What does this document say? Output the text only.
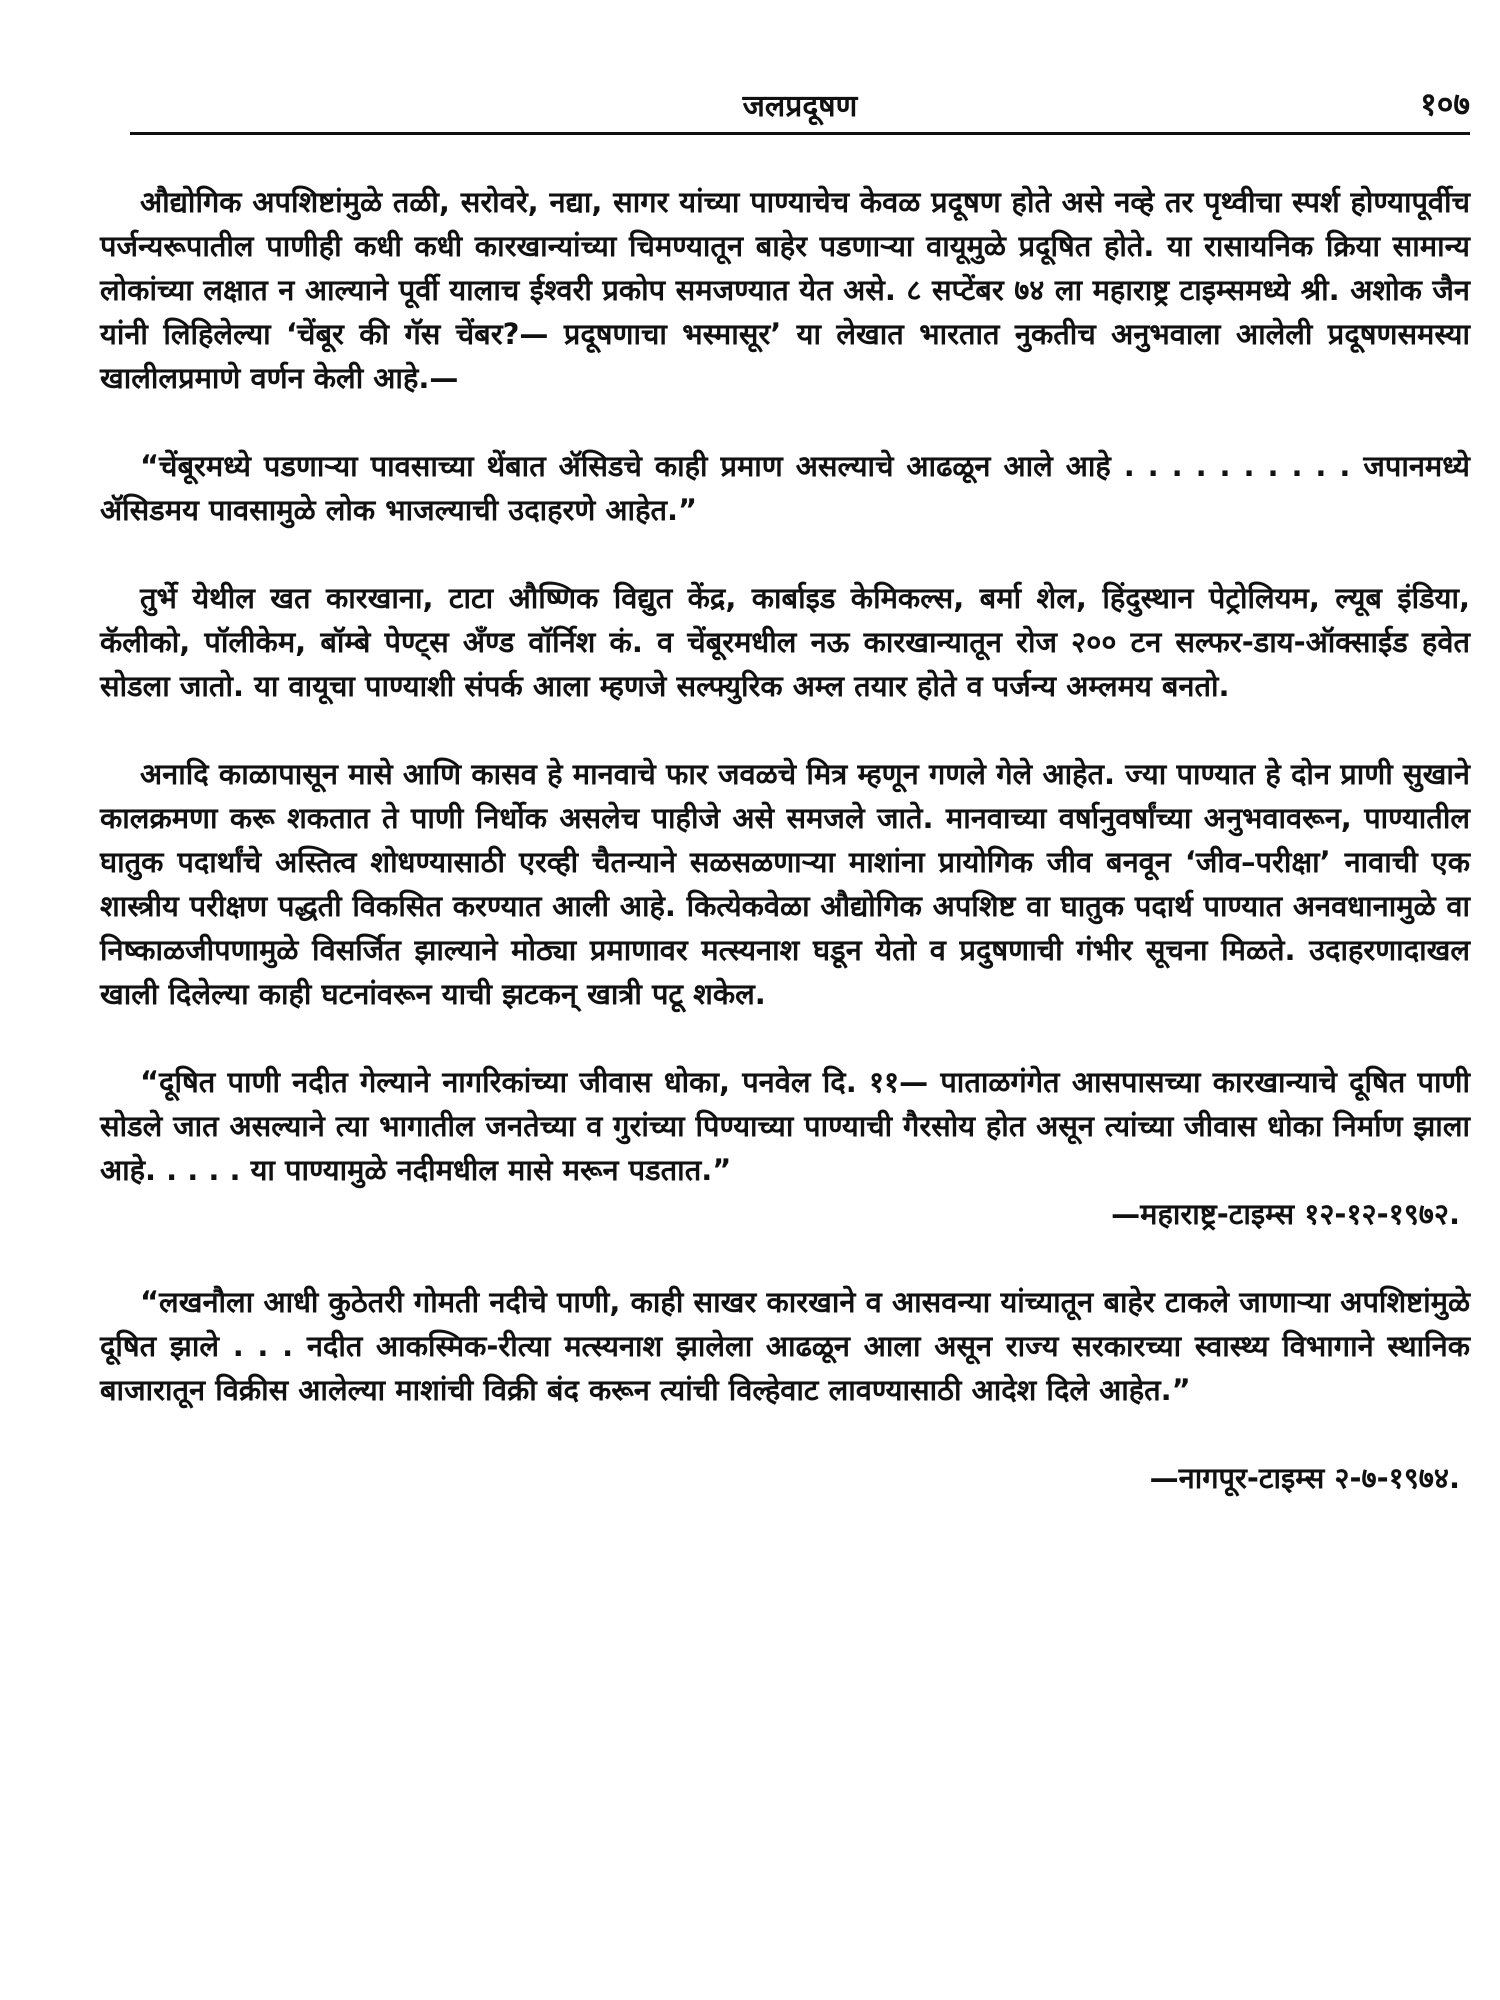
जलप्रदूषण	१०७

औद्योगिक अपशिष्टांमुळे तळी, सरोवरे, नद्या, सागर यांच्या पाण्याचेच केवळ प्रदूषण होते असे नव्हे तर पृथ्वीचा स्पर्श होण्यापूर्वीच पर्जन्यरूपातील पाणीही कधी कधी कारखान्यांच्या चिमण्यातून बाहेर पडणाऱ्या वायूमुळे प्रदूषित होते. या रासायनिक क्रिया सामान्य लोकांच्या लक्षात न आल्याने पूर्वी यालाच ईश्वरी प्रकोप समजण्यात येत असे. ८ सप्टेंबर ७४ ला महाराष्ट्र टाइम्समध्ये श्री. अशोक जैन यांनी लिहिलेल्या ‘चेंबूर की गॅस चेंबर?— प्रदूषणाचा भस्मासूर’ या लेखात भारतात नुकतीच अनुभवाला आलेली प्रदूषणसमस्या खालीलप्रमाणे वर्णन केली आहे.—

“चेंबूरमध्ये पडणाऱ्या पावसाच्या थेंबात ॲसिडचे काही प्रमाण असल्याचे आढळून आले आहे . . . . . . . . . . जपानमध्ये ॲसिडमय पावसामुळे लोक भाजल्याची उदाहरणे आहेत.”

तुर्भे येथील खत कारखाना, टाटा औष्णिक विद्युत केंद्र, कार्बाइड केमिकल्स, बर्मा शेल, हिंदुस्थान पेट्रोलियम, ल्यूब इंडिया, कॅलीको, पॉलीकेम, बॉम्बे पेण्ट्स अँण्ड वॉर्निश कं. व चेंबूरमधील नऊ कारखान्यातून रोज २०० टन सल्फर-डाय-ऑक्साईड हवेत सोडला जातो. या वायूचा पाण्याशी संपर्क आला म्हणजे सल्फ्युरिक अम्ल तयार होते व पर्जन्य अम्लमय बनतो.

अनादि काळापासून मासे आणि कासव हे मानवाचे फार जवळचे मित्र म्हणून गणले गेले आहेत. ज्या पाण्यात हे दोन प्राणी सुखाने कालक्रमणा करू शकतात ते पाणी निर्धोक असलेच पाहीजे असे समजले जाते. मानवाच्या वर्षानुवर्षांच्या अनुभवावरून, पाण्यातील घातुक पदार्थांचे अस्तित्व शोधण्यासाठी एरव्ही चैतन्याने सळसळणाऱ्या माशांना प्रायोगिक जीव बनवून ‘जीव–परीक्षा’ नावाची एक शास्त्रीय परीक्षण पद्धती विकसित करण्यात आली आहे. कित्येकवेळा औद्योगिक अपशिष्ट वा घातुक पदार्थ पाण्यात अनवधानामुळे वा निष्काळजीपणामुळे विसर्जित झाल्याने मोठ्या प्रमाणावर मत्स्यनाश घडून येतो व प्रदुषणाची गंभीर सूचना मिळते. उदाहरणादाखल खाली दिलेल्या काही घटनांवरून याची झटकन् खात्री पटू शकेल.

“दूषित पाणी नदीत गेल्याने नागरिकांच्या जीवास धोका, पनवेल दि. ११— पाताळगंगेत आसपासच्या कारखान्याचे दूषित पाणी सोडले जात असल्याने त्या भागातील जनतेच्या व गुरांच्या पिण्याच्या पाण्याची गैरसोय होत असून त्यांच्या जीवास धोका निर्माण झाला आहे. . . . . या पाण्यामुळे नदीमधील मासे मरून पडतात.”

—महाराष्ट्र-टाइम्स १२-१२-१९७२.

“लखनौला आधी कुठेतरी गोमती नदीचे पाणी, काही साखर कारखाने व आसवन्या यांच्यातून बाहेर टाकले जाणाऱ्या अपशिष्टांमुळे दूषित झाले . . . नदीत आकस्मिक-रीत्या मत्स्यनाश झालेला आढळून आला असून राज्य सरकारच्या स्वास्थ्य विभागाने स्थानिक बाजारातून विक्रीस आलेल्या माशांची विक्री बंद करून त्यांची विल्हेवाट लावण्यासाठी आदेश दिले आहेत.”

—नागपूर-टाइम्स २-७-१९७४.
